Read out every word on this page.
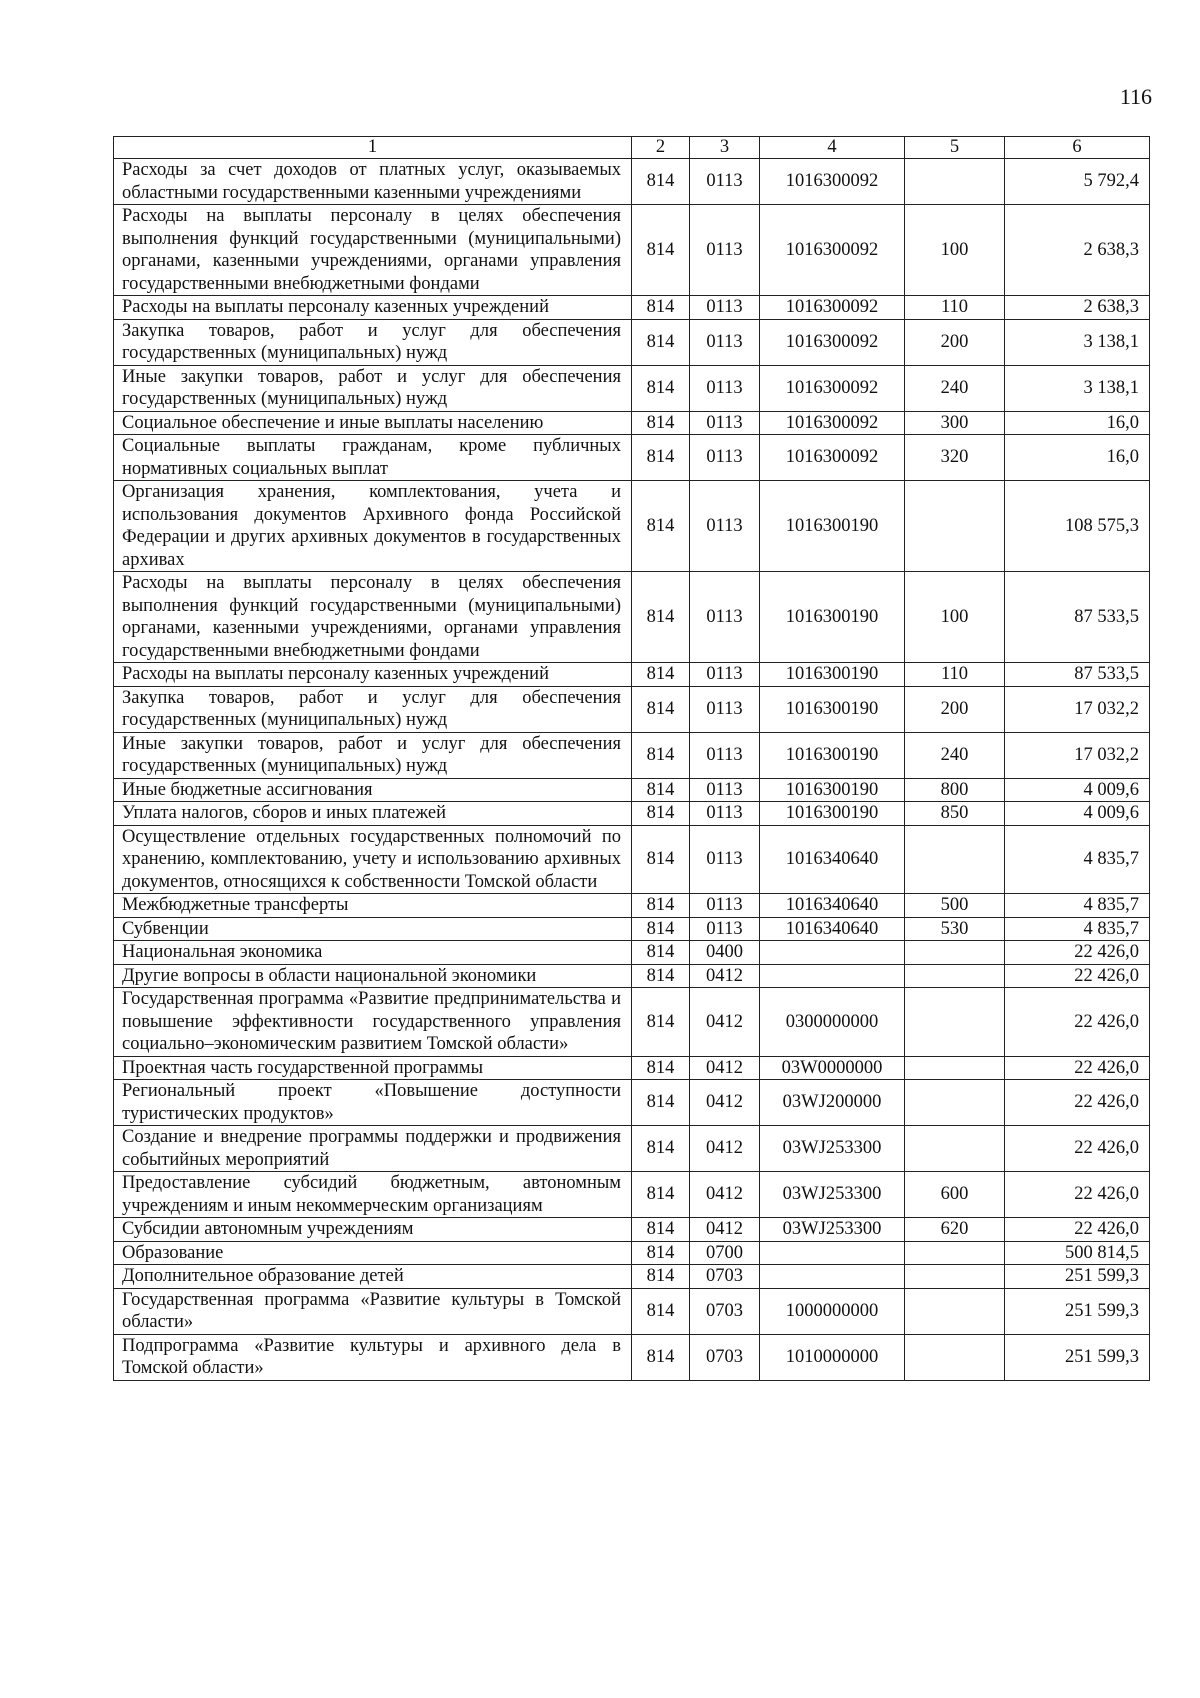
116
1	2	3	4	5	6
Расходы за счет доходов от платных услуг, оказываемых областными государственными казенными учреждениями	814	0113	1016300092		5 792,4
Расходы на выплаты персоналу в целях обеспечения выполнения функций государственными (муниципальными) органами, казенными учреждениями, органами управления государственными внебюджетными фондами	814	0113	1016300092	100	2 638,3
Расходы на выплаты персоналу казенных учреждений	814	0113	1016300092	110	2 638,3
Закупка товаров, работ и услуг для обеспечения государственных (муниципальных) нужд	814	0113	1016300092	200	3 138,1
Иные закупки товаров, работ и услуг для обеспечения государственных (муниципальных) нужд	814	0113	1016300092	240	3 138,1
Социальное обеспечение и иные выплаты населению	814	0113	1016300092	300	16,0
Социальные выплаты гражданам, кроме публичных нормативных социальных выплат	814	0113	1016300092	320	16,0
Организация хранения, комплектования, учета и использования документов Архивного фонда Российской Федерации и других архивных документов в государственных архивах	814	0113	1016300190		108 575,3
Расходы на выплаты персоналу в целях обеспечения выполнения функций государственными (муниципальными) органами, казенными учреждениями, органами управления государственными внебюджетными фондами	814	0113	1016300190	100	87 533,5
Расходы на выплаты персоналу казенных учреждений	814	0113	1016300190	110	87 533,5
Закупка товаров, работ и услуг для обеспечения государственных (муниципальных) нужд	814	0113	1016300190	200	17 032,2
Иные закупки товаров, работ и услуг для обеспечения государственных (муниципальных) нужд	814	0113	1016300190	240	17 032,2
Иные бюджетные ассигнования	814	0113	1016300190	800	4 009,6
Уплата налогов, сборов и иных платежей	814	0113	1016300190	850	4 009,6
Осуществление отдельных государственных полномочий по хранению, комплектованию, учету и использованию архивных документов, относящихся к собственности Томской области	814	0113	1016340640		4 835,7
Межбюджетные трансферты	814	0113	1016340640	500	4 835,7
Субвенции	814	0113	1016340640	530	4 835,7
Национальная экономика	814	0400			22 426,0
Другие вопросы в области национальной экономики	814	0412			22 426,0
Государственная программа «Развитие предпринимательства и повышение эффективности государственного управления социально–экономическим развитием Томской области»	814	0412	0300000000		22 426,0
Проектная часть государственной программы	814	0412	03W0000000		22 426,0
Региональный проект «Повышение доступности туристических продуктов»	814	0412	03WJ200000		22 426,0
Создание и внедрение программы поддержки и продвижения событийных мероприятий	814	0412	03WJ253300		22 426,0
Предоставление субсидий бюджетным, автономным учреждениям и иным некоммерческим организациям	814	0412	03WJ253300	600	22 426,0
Субсидии автономным учреждениям	814	0412	03WJ253300	620	22 426,0
Образование	814	0700			500 814,5
Дополнительное образование детей	814	0703			251 599,3
Государственная программа «Развитие культуры в Томской области»	814	0703	1000000000		251 599,3
Подпрограмма «Развитие культуры и архивного дела в Томской области»	814	0703	1010000000		251 599,3
